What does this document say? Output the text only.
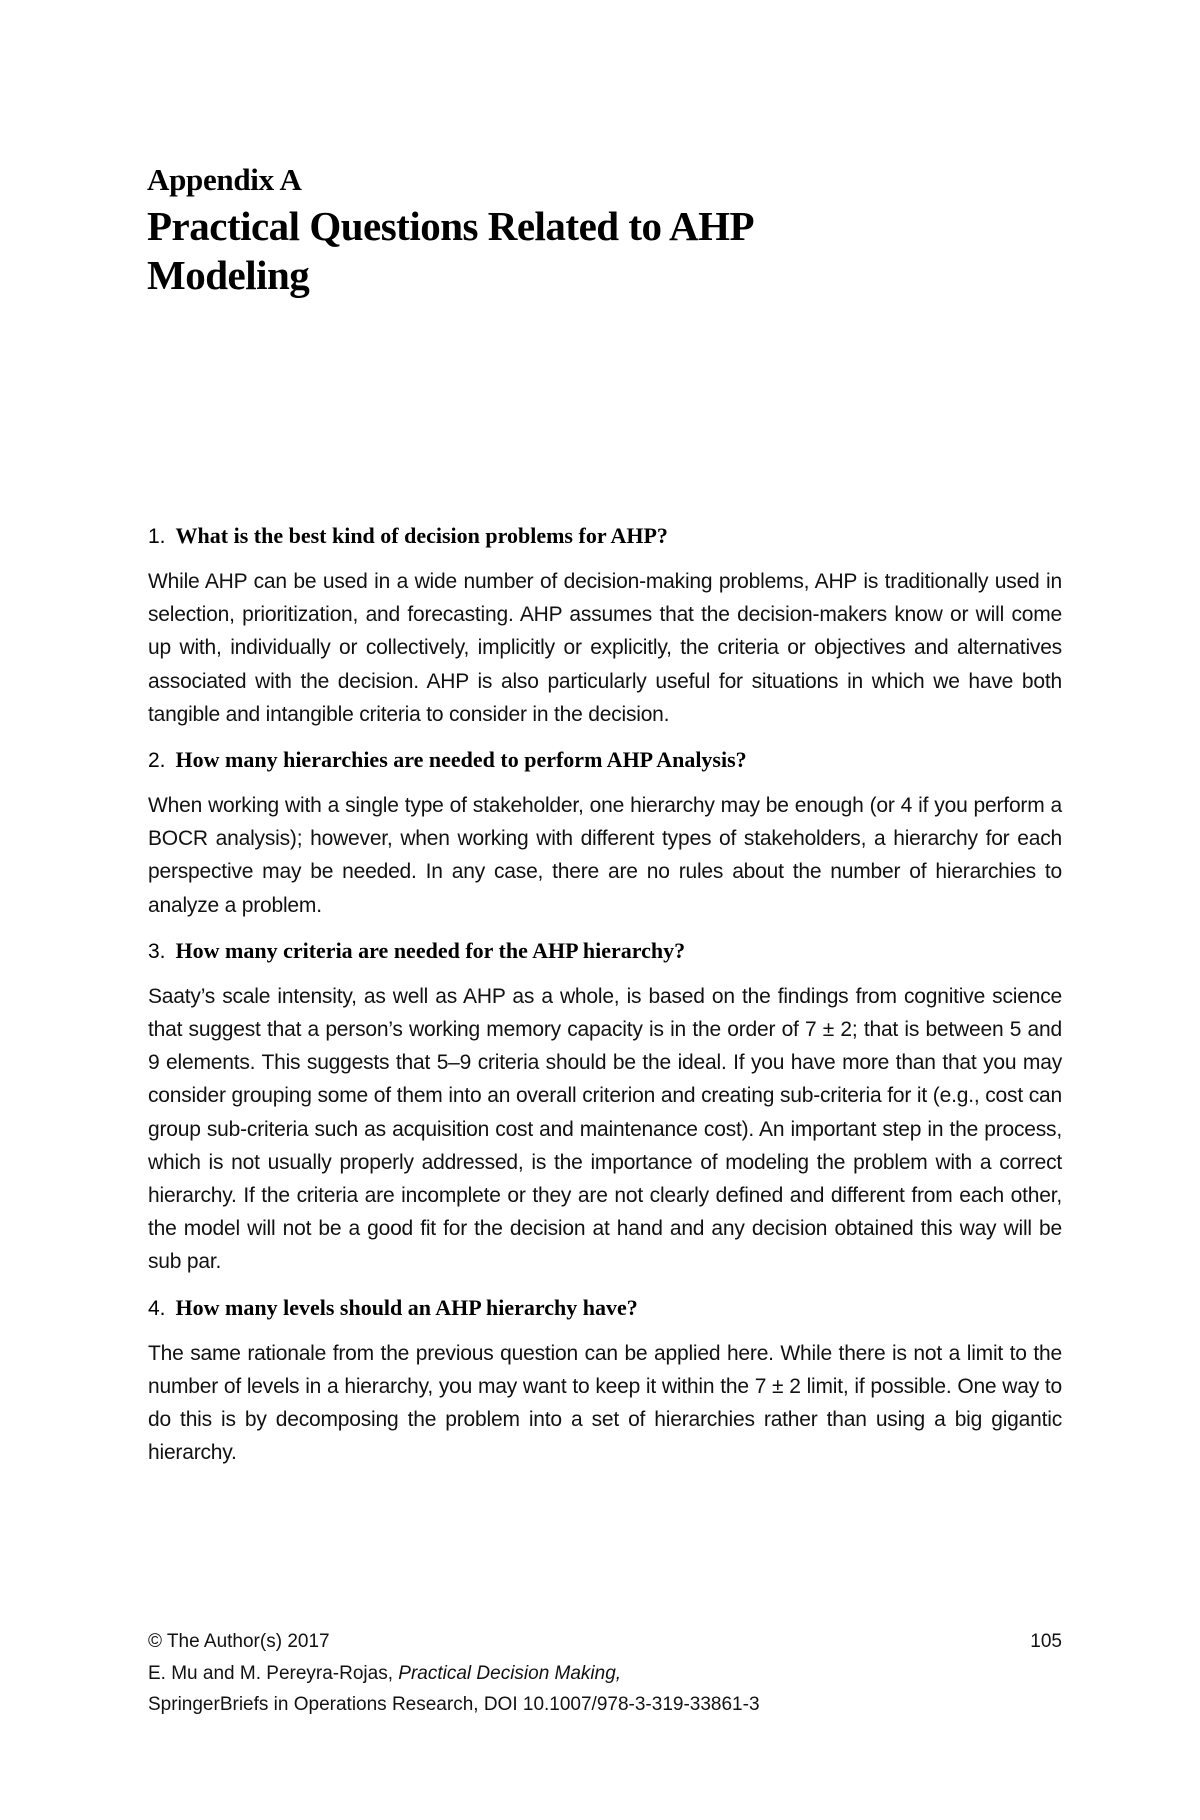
Appendix A
Practical Questions Related to AHP
Modeling

1. What is the best kind of decision problems for AHP?

While AHP can be used in a wide number of decision-making problems, AHP is traditionally used in selection, prioritization, and forecasting. AHP assumes that the decision-makers know or will come up with, individually or collectively, implicitly or explicitly, the criteria or objectives and alternatives associated with the decision. AHP is also particularly useful for situations in which we have both tangible and intangible criteria to consider in the decision.

2. How many hierarchies are needed to perform AHP Analysis?

When working with a single type of stakeholder, one hierarchy may be enough (or 4 if you perform a BOCR analysis); however, when working with different types of stakeholders, a hierarchy for each perspective may be needed. In any case, there are no rules about the number of hierarchies to analyze a problem.

3. How many criteria are needed for the AHP hierarchy?

Saaty’s scale intensity, as well as AHP as a whole, is based on the findings from cognitive science that suggest that a person’s working memory capacity is in the order of 7 ± 2; that is between 5 and 9 elements. This suggests that 5–9 criteria should be the ideal. If you have more than that you may consider grouping some of them into an overall criterion and creating sub-criteria for it (e.g., cost can group sub-criteria such as acquisition cost and maintenance cost). An important step in the process, which is not usually properly addressed, is the importance of modeling the problem with a correct hierarchy. If the criteria are incomplete or they are not clearly defined and different from each other, the model will not be a good fit for the decision at hand and any decision obtained this way will be sub par.

4. How many levels should an AHP hierarchy have?

The same rationale from the previous question can be applied here. While there is not a limit to the number of levels in a hierarchy, you may want to keep it within the 7 ± 2 limit, if possible. One way to do this is by decomposing the problem into a set of hierarchies rather than using a big gigantic hierarchy.

© The Author(s) 2017
E. Mu and M. Pereyra-Rojas, Practical Decision Making,
SpringerBriefs in Operations Research, DOI 10.1007/978-3-319-33861-3
105
